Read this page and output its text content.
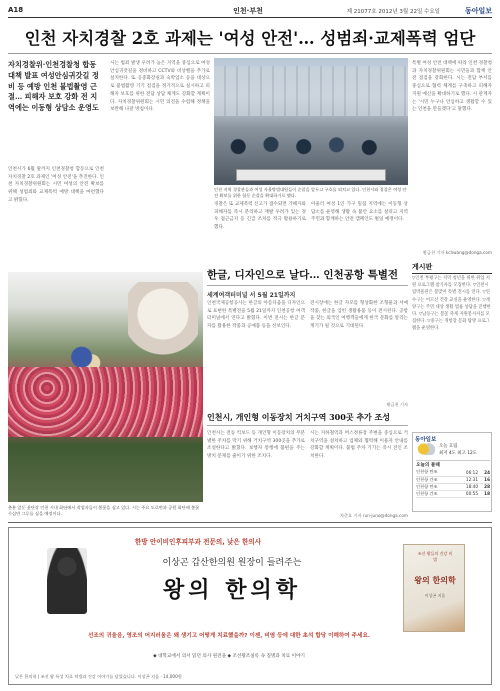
A18	인천·부천	제 21077호 2012년 3월 22일 수요일	동아일보
인천 자치경찰 2호 과제는 '여성 안전'… 성범죄·교제폭력 엄단
자치경찰위·인천경찰청 합동 대책 발표 여성안심귀갓길 정비 등 예방 인천 불법촬영 근절… 피해자 보호 강화 전 지역에는 이동형 상담소 운영도
인천시가 6월 말까지 인천경찰청 합동으로 인천 자치경찰 2호 과제인 '여성 안전'을 추진한다. 인천 자치경찰위원회는 시민 여성의 안전 확보를 위해 성범죄와 교제폭력 예방 대책을 마련했다고 밝혔다.
시는 범죄 발생 우려가 높은 지역을 중심으로 여성안심귀갓길을 정비하고 CCTV와 비상벨을 추가로 설치한다. 또 공중화장실과 숙박업소 등을 대상으로 불법촬영 기기 점검을 정기적으로 실시하고 피해자 보호를 위한 전담 상담 체계도 강화할 계획이다. 자치경찰위원회는 시민 의견을 수렴해 정책을 보완해 나갈 방침이다.
인천 지역 경찰관들과 여성 자율방범대원들이 순찰을 앞두고 구호를 외치고 있다. 인천시와 경찰은 여성 안전 확보를 위한 합동 순찰을 확대하기로 했다.
경찰은 또 교제폭력 신고가 접수되면 가해자와 피해자를 즉시 분리하고 재발 우려가 있는 경우 접근금지 등 긴급 조치를 적극 활용하기로 했다.
아울러 여성 1인 가구 밀집 지역에는 이동형 상담소를 운영해 생활 속 불안 요소를 살피고 지역 주민과 함께하는 안전 캠페인도 벌일 예정이다.
특별 여성 안전 대책에 따라 인천 경찰청과 자치경찰위원회는 시민들과 함께 안전 점검을 강화한다. 시는 전담 부서를 중심으로 협력 체계를 구축하고 피해자 지원 예산을 확대하기로 했다. 시 관계자는 '시민 누구나 안심하고 생활할 수 있는 인천을 만들겠다'고 말했다.
황금천 기자 kchwang@donga.com
춘분 앞둔 꽃단장 인천 시내 화단에서 작업자들이 봄꽃을 심고 있다. 시는 주요 도로변과 공원 화단에 봄꽃 수십만 그루를 심을 예정이다.
한글, 디자인으로 날다… 인천공항 특별전
세계여객터미널 서 5월 21일까지
인천국제공항공사는 한글의 아름다움을 디자인으로 표현한 특별전을 5월 21일까지 인천공항 여객터미널에서 연다고 밝혔다. 이번 전시는 한글 문자를 활용한 작품과 공예품 등을 선보인다.
전시장에는 한글 자모를 형상화한 조형물과 서예 작품, 한글을 입힌 생활용품 등이 전시된다. 공항을 찾는 외국인 여행객들에게 한국 문화를 알리는 계기가 될 것으로 기대된다.
황금천 기자
인천시, 개인형 이동장치 거치구역 300곳 추가 조성
인천시는 전동 킥보드 등 개인형 이동장치의 무분별한 주차를 막기 위해 거치구역 300곳을 추가로 조성한다고 밝혔다. 보행자 통행에 불편을 주는 방치 문제를 줄이기 위한 조치다.
시는 지하철역과 버스정류장 주변을 중심으로 거치구역을 설치하고 업체와 협력해 이용자 안내를 강화할 계획이다. 불법 주차 기기는 즉시 견인 조치한다.
차준호 기자 run-juno@donga.com
게시판
▽인천 부평구는 지역 청년을 위한 취업 지원 프로그램 참가자를 모집한다. ▽인천시립박물관은 봄맞이 특별 전시를 연다. ▽연수구는 어르신 건강 교실을 운영한다. ▽계양구는 주민 대상 생활 법률 상담을 진행한다. ▽남동구는 봄꽃 축제 자원봉사자를 모집한다. ▽중구는 개항장 문화 탐방 프로그램을 운영한다.
동아일보
오늘 흐림
최저 4도 최고 12도
오늘의 물때
인천항 만조	06:12	24
인천항 간조	12:31	16
인천항 만조	18:40	28
인천항 간조	00:55	18
한방 안이비인후피부과 전문의, 낮은 한의사
이상곤 갑산한의원 원장이 들려주는
왕의 한의학
조선 왕들의 건강 비법
왕의 한의학
이상곤 지음
선조의 귀울음, 영조의 어지러움은 왜 생기고 어떻게 치료했을까? 이젠, 비염 등에 대한 초석 합당 이해하여 주세요.
◆ 대학교에서 의서 읽던 의사 원전을 ◆ 조선왕조실록 속 질병과 치료 이야기
낮은 한의학 | 조선 왕 특성 치료 처방과 건강 이야기를 담았습니다. 이상곤 지음 · 14,000원
